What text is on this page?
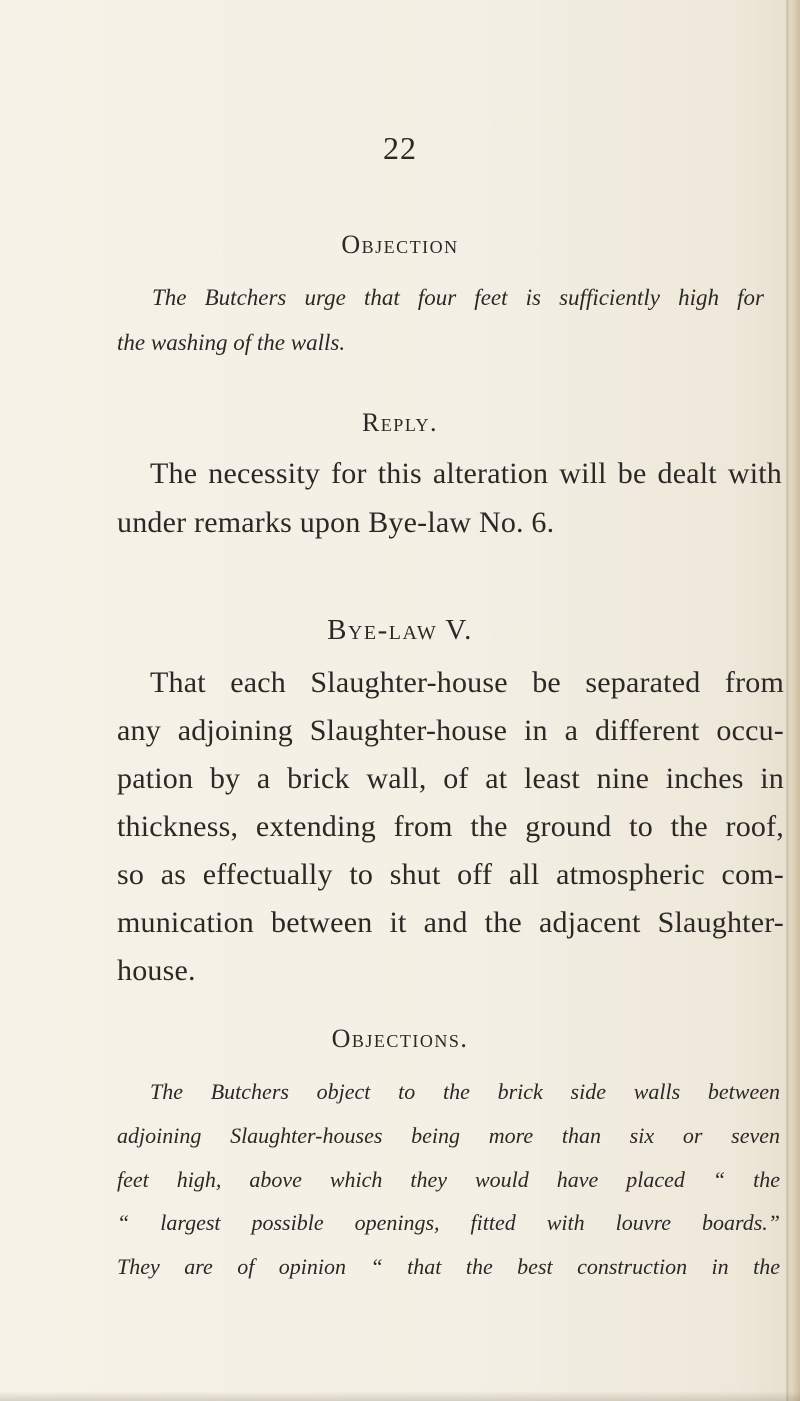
22

Objection

The Butchers urge that four feet is sufficiently high for

the washing of the walls.

Reply.

The necessity for this alteration will be dealt with

under remarks upon Bye-law No. 6.

Bye-law V.

That each Slaughter-house be separated from

any adjoining Slaughter-house in a different occu-

pation by a brick wall, of at least nine inches in

thickness, extending from the ground to the roof,

so as effectually to shut off all atmospheric com-

munication between it and the adjacent Slaughter-

house.

Objections.

The Butchers object to the brick side walls between

adjoining Slaughter-houses being more than six or seven

feet high, above which they would have placed “ the

“ largest possible openings, fitted with louvre boards.”

They are of opinion “ that the best construction in the
